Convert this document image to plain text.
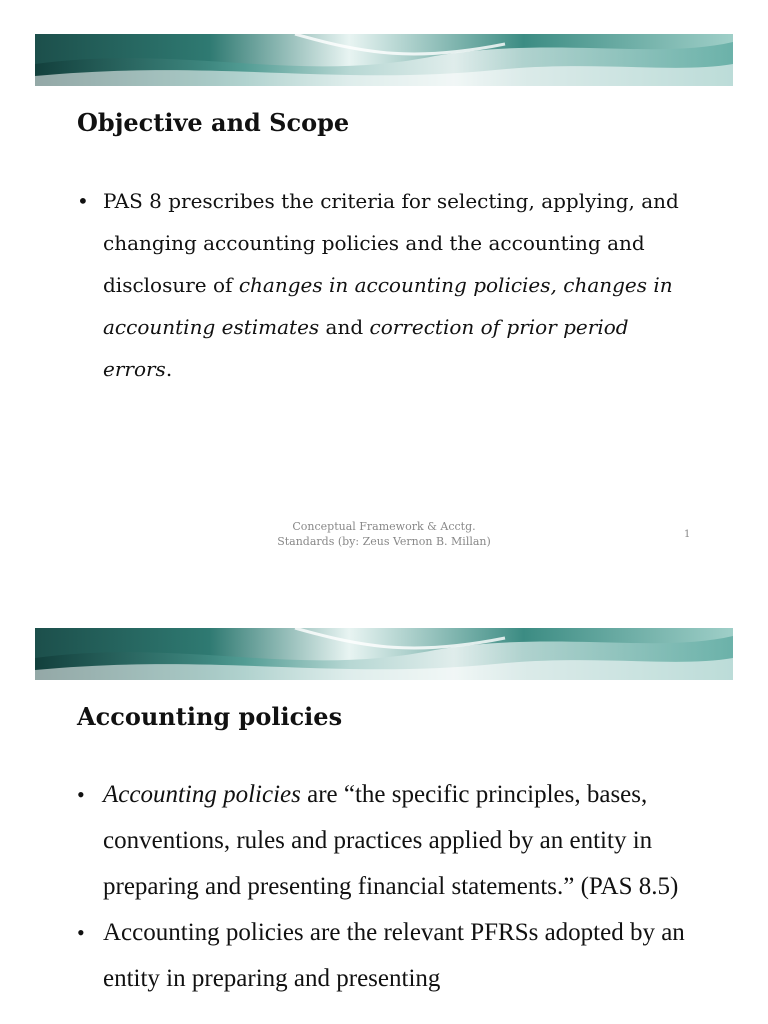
Objective and Scope
• PAS 8 prescribes the criteria for selecting, applying, and changing accounting policies and the accounting and disclosure of changes in accounting policies, changes in accounting estimates and correction of prior period errors.
Conceptual Framework & Acctg.
Standards (by: Zeus Vernon B. Millan)
1
Accounting policies
• Accounting policies are “the specific principles, bases, conventions, rules and practices applied by an entity in preparing and presenting financial statements.” (PAS 8.5)
• Accounting policies are the relevant PFRSs adopted by an entity in preparing and presenting
